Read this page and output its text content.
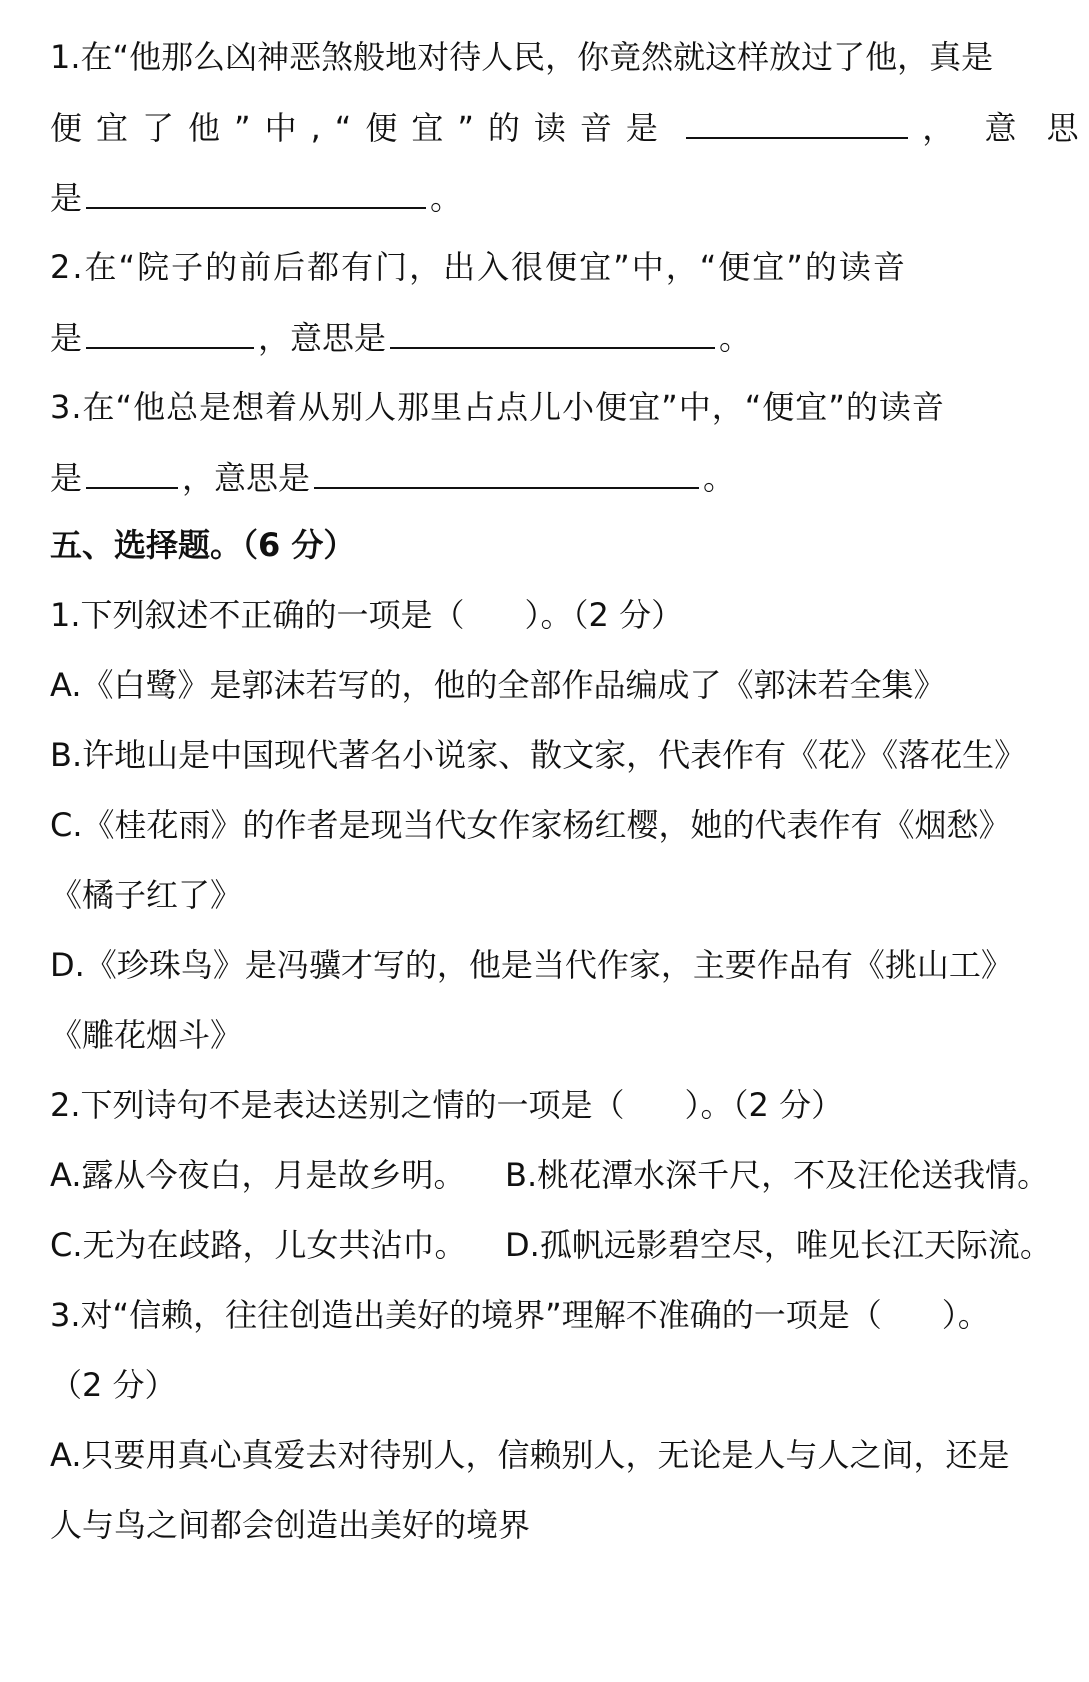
1.在“他那么凶神恶煞般地对待人民，你竟然就这样放过了他，真是
便宜了他”中,“便宜”的读音是	， 意 思
是	。
2.在“院子的前后都有门，出入很便宜”中，“便宜”的读音
是	，意思是	。
3.在“他总是想着从别人那里占点儿小便宜”中，“便宜”的读音
是	，意思是	。
五、选择题。（6 分）
1.下列叙述不正确的一项是（ ）。（2 分）
A.《白鹭》是郭沫若写的，他的全部作品编成了《郭沫若全集》
B.许地山是中国现代著名小说家、散文家，代表作有《花》《落花生》
C.《桂花雨》的作者是现当代女作家杨红樱，她的代表作有《烟愁》
《橘子红了》
D.《珍珠鸟》是冯骥才写的，他是当代作家，主要作品有《挑山工》
《雕花烟斗》
2.下列诗句不是表达送别之情的一项是（ ）。（2 分）
A.露从今夜白，月是故乡明。 B.桃花潭水深千尺，不及汪伦送我情。
C.无为在歧路，儿女共沾巾。 D.孤帆远影碧空尽，唯见长江天际流。
3.对“信赖，往往创造出美好的境界”理解不准确的一项是（ ）。
（2 分）
A.只要用真心真爱去对待别人，信赖别人，无论是人与人之间，还是
人与鸟之间都会创造出美好的境界
